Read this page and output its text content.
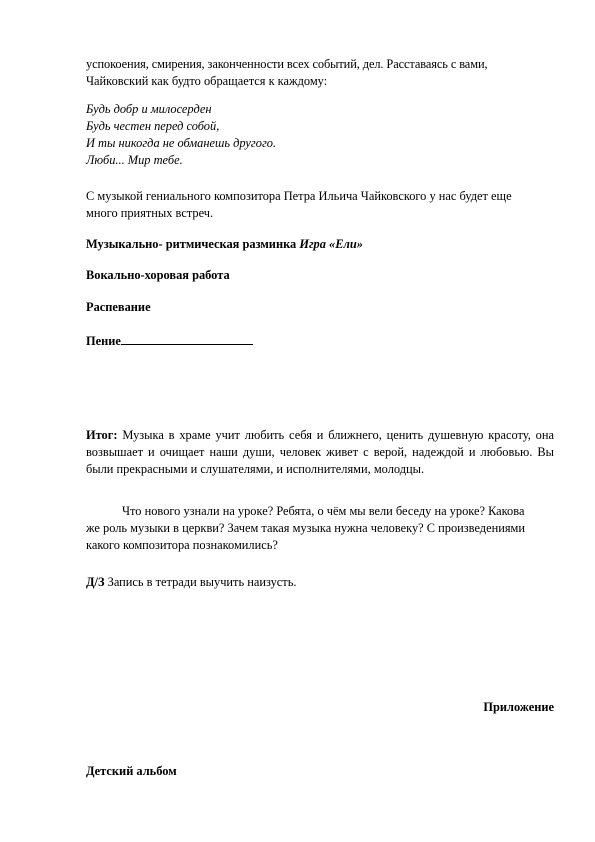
успокоения, смирения, законченности всех событий, дел. Расставаясь с вами,
Чайковский как будто обращается к каждому:

Будь добр и милосерден
Будь честен перед собой,
И ты никогда не обманешь другого.
Люби... Мир тебе.

С музыкой гениального композитора Петра Ильича Чайковского у нас будет еще много приятных встреч.

Музыкально- ритмическая разминка Игра «Ели»

Вокально-хоровая работа

Распевание

Пение

Итог: Музыка в храме учит любить себя и ближнего, ценить душевную красоту, она возвышает и очищает наши души, человек живет с верой, надеждой и любовью. Вы были прекрасными и слушателями, и исполнителями, молодцы.

Что нового узнали на уроке? Ребята, о чём мы вели беседу на уроке? Какова же роль музыки в церкви? Зачем такая музыка нужна человеку? С произведениями какого композитора познакомились?

Д/З Запись в тетради выучить наизусть.

Приложение

Детский альбом
